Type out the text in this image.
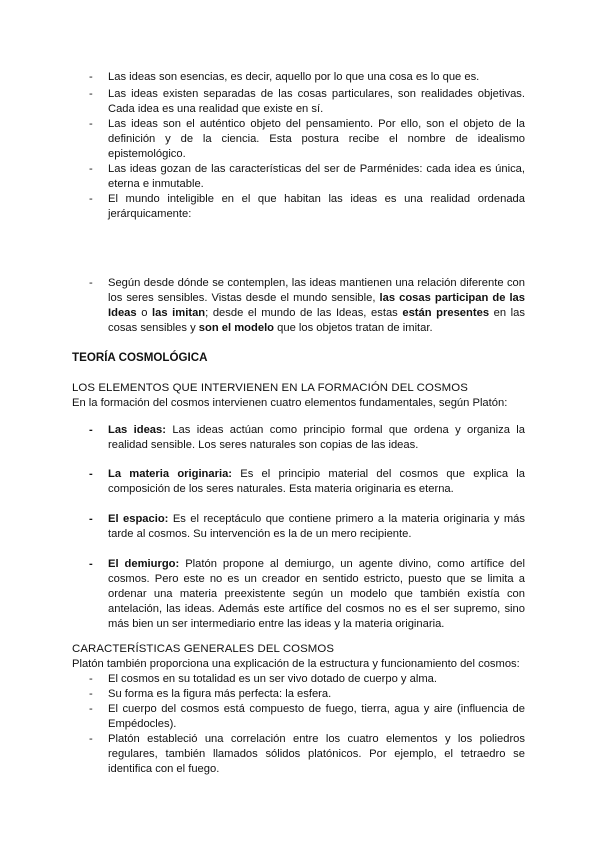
- Las ideas son esencias, es decir, aquello por lo que una cosa es lo que es.
- Las ideas existen separadas de las cosas particulares, son realidades objetivas. Cada idea es una realidad que existe en sí.
- Las ideas son el auténtico objeto del pensamiento. Por ello, son el objeto de la definición y de la ciencia. Esta postura recibe el nombre de idealismo epistemológico.
- Las ideas gozan de las características del ser de Parménides: cada idea es única, eterna e inmutable.
- El mundo inteligible en el que habitan las ideas es una realidad ordenada jerárquicamente:
- Según desde dónde se contemplen, las ideas mantienen una relación diferente con los seres sensibles. Vistas desde el mundo sensible, las cosas participan de las Ideas o las imitan; desde el mundo de las Ideas, estas están presentes en las cosas sensibles y son el modelo que los objetos tratan de imitar.
TEORÍA COSMOLÓGICA
LOS ELEMENTOS QUE INTERVIENEN EN LA FORMACIÓN DEL COSMOS
En la formación del cosmos intervienen cuatro elementos fundamentales, según Platón:
- Las ideas: Las ideas actúan como principio formal que ordena y organiza la realidad sensible. Los seres naturales son copias de las ideas.
- La materia originaria: Es el principio material del cosmos que explica la composición de los seres naturales. Esta materia originaria es eterna.
- El espacio: Es el receptáculo que contiene primero a la materia originaria y más tarde al cosmos. Su intervención es la de un mero recipiente.
- El demiurgo: Platón propone al demiurgo, un agente divino, como artífice del cosmos. Pero este no es un creador en sentido estricto, puesto que se limita a ordenar una materia preexistente según un modelo que también existía con antelación, las ideas. Además este artífice del cosmos no es el ser supremo, sino más bien un ser intermediario entre las ideas y la materia originaria.
CARACTERÍSTICAS GENERALES DEL COSMOS
Platón también proporciona una explicación de la estructura y funcionamiento del cosmos:
- El cosmos en su totalidad es un ser vivo dotado de cuerpo y alma.
- Su forma es la figura más perfecta: la esfera.
- El cuerpo del cosmos está compuesto de fuego, tierra, agua y aire (influencia de Empédocles).
- Platón estableció una correlación entre los cuatro elementos y los poliedros regulares, también llamados sólidos platónicos. Por ejemplo, el tetraedro se identifica con el fuego.
